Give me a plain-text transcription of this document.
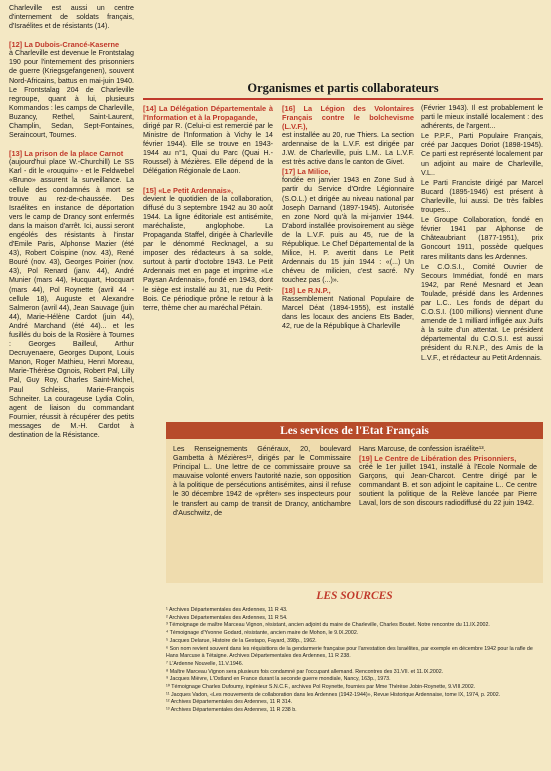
Charleville est aussi un centre d'internement de soldats français, d'Israélites et de résistants (14).

[12] La Dubois-Crancé-Kaserne

à Charleville est devenue le Frontstalag 190 pour l'internement des prisonniers de guerre (Kriegsgefangenen), souvent Nord-Africains, battus en mai-juin 1940. Le Frontstalag 204 de Charleville regroupe, quant à lui, plusieurs Kommandos : les camps de Charleville, Buzancy, Rethel, Saint-Laurent, Champlin, Sedan, Sept-Fontaines, Seraincourt, Tournes.

[13] La prison de la place Carnot

(aujourd'hui place W.-Churchill) Le SS Karl - dit le «rouquin» - et le Feldwebel «Bruno» assurent la surveillance. La cellule des condamnés à mort se trouve au rez-de-chaussée. Des Israélites en instance de déportation vers le camp de Drancy sont enfermés dans la maison d'arrêt. Ici, aussi seront engéolés des résistants à l'instar d'Emile Paris, Alphonse Mazier (été 43), Robert Coispine (nov. 43), René Bouré (nov. 43), Georges Poirier (nov. 43), Pol Renard (janv. 44), André Munier (mars 44), Hucquart, Hocquart (mars 44), Pol Roynette (avril 44 - cellule 18), Auguste et Alexandre Salmeron (avril 44), Jean Sauvage (juin 44), Marie-Hélène Cardot (juin 44), André Marchand (été 44)... et les fusillés du bois de la Rosière à Tournes : Georges Bailleul, Arthur Decruyenaere, Georges Dupont, Louis Manon, Roger Mathieu, Henri Moreau, Marie-Thérèse Ognois, Robert Pal, Lilly Pal, Guy Roy, Charles Saint-Michel, Paul Schleiss, Marie-François Schneiter. La courageuse Lydia Colin, agent de liaison du commandant Fournier, réussit à récupérer des petits messages de M.-H. Cardot à destination de la Résistance.

Organismes et partis collaborateurs
[14] La Délégation Départementale à l'Information et à la Propagande,

dirigé par R. (Celui-ci est remercié par le Ministre de l'Information à Vichy le 14 février 1944). Elle se trouve en 1943-1944 au n°1, Quai du Parc (Quai H.-Roussel) à Mézières. Elle dépend de la Délégation Régionale de Laon.

[15] «Le Petit Ardennais»,

devient le quotidien de la collaboration, diffusé du 3 septembre 1942 au 30 août 1944. La ligne éditoriale est antisémite, maréchaliste, anglophobe. La Propaganda Staffel, dirigée à Charleville par le dénommé Recknagel, a su imposer des rédacteurs à sa solde, surtout à partir d'octobre 1943. Le Petit Ardennais met en page et imprime «Le Paysan Ardennais», fondé en 1943, dont le siège est installé au 31, rue du Petit-Bois. Ce périodique prône le retour à la terre, thème cher au maréchal Pétain.

[16] La Légion des Volontaires Français contre le bolchevisme (L.V.F.),

est installée au 20, rue Thiers. La section ardennaise de la L.V.F. est dirigée par J.W. de Charleville, puis L.M.. La L.V.F. est très active dans le canton de Givet.

[17] La Milice,

fondée en janvier 1943 en Zone Sud à partir du Service d'Ordre Légionnaire (S.O.L.) et dirigée au niveau national par Joseph Darnand (1897-1945). Autorisée en zone Nord qu'à la mi-janvier 1944. D'abord installée provisoirement au siège de la L.V.F. puis au 45, rue de la République. Le Chef Départemental de la Milice, H. P. avertit dans Le Petit Ardennais du 15 juin 1944 : «(...) Un chéveu de milicien, c'est sacré. N'y touchez pas (...)».

[18] Le R.N.P.,

Rassemblement National Populaire de Marcel Déat (1894-1955), est installé dans les locaux des anciens Ets Bader, 42, rue de la République à Charleville

(Février 1943). Il est probablement le parti le mieux installé localement : des adhérents, de l'argent...

Le P.P.F., Parti Populaire Français, créé par Jacques Doriot (1898-1945). Ce parti est représenté localement par un adjoint au maire de Charleville, V.L..

Le Parti Franciste dirigé par Marcel Bucard (1895-1946) est présent à Charleville, lui aussi. De très faibles troupes...

Le Groupe Collaboration, fondé en février 1941 par Alphonse de Châteaubriant (1877-1951), prix Goncourt 1911, possède quelques rares militants dans les Ardennes.

Le C.O.S.I., Comité Ouvrier de Secours Immédiat, fondé en mars 1942, par René Mesnard et Jean Toulade, présidé dans les Ardennes par L.C.. Les fonds de départ du C.O.S.I. (100 millions) viennent d'une amende de 1 milliard infligée aux Juifs à la suite d'un attentat. Le président départemental du C.O.S.I. est aussi président du R.N.P., des Amis de la L.V.F., et rédacteur au Petit Ardennais.

Les services de l'Etat Français

Les Renseignements Généraux, 20, boulevard Gambetta à Mézières¹², dirigés par le Commissaire Principal L.. Une lettre de ce commissaire prouve sa mauvaise volonté envers l'autorité nazie, son opposition à la politique de persécutions antisémites, ainsi il refuse le 30 décembre 1942 de «prêter» ses inspecteurs pour le transfert au camp de transit de Drancy, antichambre d'Auschwitz, de

Hans Marcuse, de confession israélite¹³.

[19] Le Centre de Libération des Prisonniers,

créé le 1er juillet 1941, installé à l'Ecole Normale de Garçons, qui Jean-Charcot. Centre dirigé par le commandant B. et son adjoint le capitaine L.. Ce centre soutient la politique de la Relève lancée par Pierre Laval, lors de son discours radiodiffusé du 22 juin 1942.

LES SOURCES

¹ Archives Départementales des Ardennes, 11 R 43.

² Archives Départementales des Ardennes, 11 R 54.

³ Témoignage de maître Marceau Vignon, résistant, ancien adjoint du maire de Charleville, Charles Boutet. Notre rencontre du 11.IX.2002.

⁴ Témoignage d'Yvonne Godard, résistante, ancien maire de Mohon, le 9.IX.2002.

⁵ Jacques Delarue, Histoire de la Gestapo, Fayard, 398p., 1962.

⁶ Son nom revient souvent dans les réquisitions de la gendarmerie française pour l'arrestation des Israélites, par exemple en décembre 1942 pour la rafle de Hans Marcuse à Tétaigne. Archives Départementales des Ardennes, 11 R 238.

⁷ L'Ardenne Nouvelle, 11.V.1946.

⁸ Maître Marceau Vignon sera plusieurs fois condamné par l'occupant allemand. Rencontres des 31.VII. et 11.IX.2002.

⁹ Jacques Mièvre, L'Ostland en France durant la seconde guerre mondiale, Nancy, 163p., 1973.

¹⁰ Témoignage Charles Dufoumy, ingénieur S.N.C.F., archives Pol Roynette, fournies par Mme Thérèse Jobin-Roynette, 9.VIII.2002.

¹¹ Jacques Vadon, «Les mouvements de collaboration dans les Ardennes (1942-1944)», Revue Historique Ardennaise, tome IX, 1974, p. 2002.

¹² Archives Départementales des Ardennes, 11 R 314.

¹³ Archives Départementales des Ardennes, 11 R 238 b.
